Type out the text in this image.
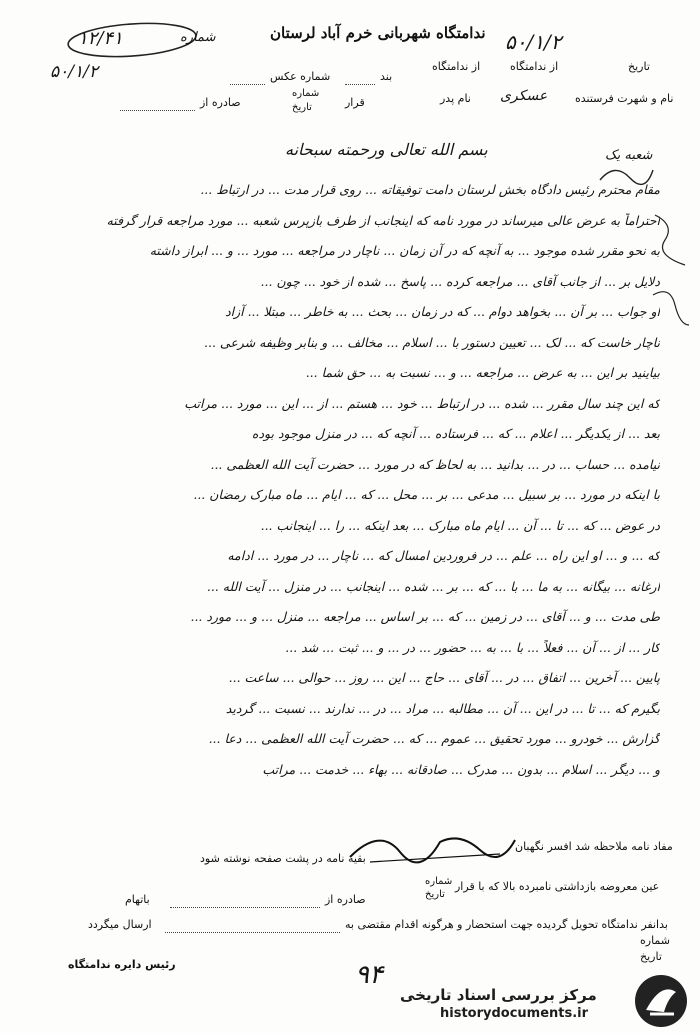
۱۲/۴۱	شماره
۵۰/۱/۲
ندامتگاه شهربانی خرم آباد لرستان ۵۰/۱/۲
تاریخ
از ندامتگاه
از ندامتگاه
شماره عکس	بند
نام و شهرت فرستنده
عسکری
نام پدر
قرار
شماره
تاریخ
صادره از
بسم الله تعالی ورحمته سبحانه	شعبه یک
مقام محترم رئیس دادگاه بخش لرستان دامت توفیقاته ... روی قرار مدت ... در ارتباط ...
احتراماً به عرض عالی میرساند در مورد نامه که اینجانب از طرف بازپرس شعبه ... مورد مراجعه قرار گرفته
به نحو مقرر شده موجود ... به آنچه که در آن زمان ... ناچار در مراجعه ... مورد ... و ... ابراز داشته
دلایل بر ... از جانب آقای ... مراجعه کرده ... پاسخ ... شده از خود ... چون ...
او جواب ... بر آن ... بخواهد دوام ... که در زمان ... بحث ... به خاطر ... مبتلا ... آزاد
ناچار خاست که ... لک ... تعیین دستور با ... اسلام ... مخالف ... و بنابر وظیفه شرعی ...
بیاینید بر این ... به عرض ... مراجعه ... و ... نسبت به ... حق شما ...
که این چند سال مقرر ... شده ... در ارتباط ... خود ... هستم ... از ... این ... مورد ... مراتب
بعد ... از یکدیگر ... اعلام ... که ... فرستاده ... آنچه که ... در منزل موجود بوده
نیامده ... حساب ... در ... بدانید ... به لحاظ که در مورد ... حضرت آیت الله العظمی ...
با اینکه در مورد ... بر سبیل ... مدعی ... بر ... محل ... که ... ایام ... ماه مبارک رمضان ...
در عوض ... که ... تا ... آن ... ایام ماه مبارک ... بعد اینکه ... را ... اینجانب ...
که ... و ... او این راه ... علم ... در فروردین امسال که ... ناچار ... در مورد ... ادامه
ارغانه ... بیگانه ... به ما ... با ... که ... بر ... شده ... اینجانب ... در منزل ... آیت الله ...
طی مدت ... و ... آقای ... در زمین ... که ... بر اساس ... مراجعه ... منزل ... و ... مورد ...
کار ... از ... آن ... فعلاً ... با ... به ... حضور ... در ... و ... ثبت ... شد ...
پایین ... آخرین ... اتفاق ... در ... آقای ... حاج ... این ... روز ... حوالی ... ساعت ...
بگیرم که ... تا ... در این ... آن ... مطالبه ... مراد ... در ... ندارند ... نسبت ... گردید
گزارش ... خودرو ... مورد تحقیق ... عموم ... که ... حضرت آیت الله العظمی ... دعا ...
و ... دیگر ... اسلام ... بدون ... مدرک ... صادقانه ... بهاء ... خدمت ... مراتب
مفاد نامه ملاحظه شد افسر نگهبان
بقیه نامه در پشت صفحه نوشته شود
عین معروضه بازداشتی نامبرده بالا که با قرار
شماره
تاریخ
صادره از
باتهام
بدانفر ندامتگاه تحویل گردیده جهت استحضار و هرگونه اقدام مقتضی به
ارسال میگردد
شماره
تاریخ
رئیس دایره ندامتگاه	۹۴
مرکز بررسی اسناد تاریخی
historydocuments.ir
